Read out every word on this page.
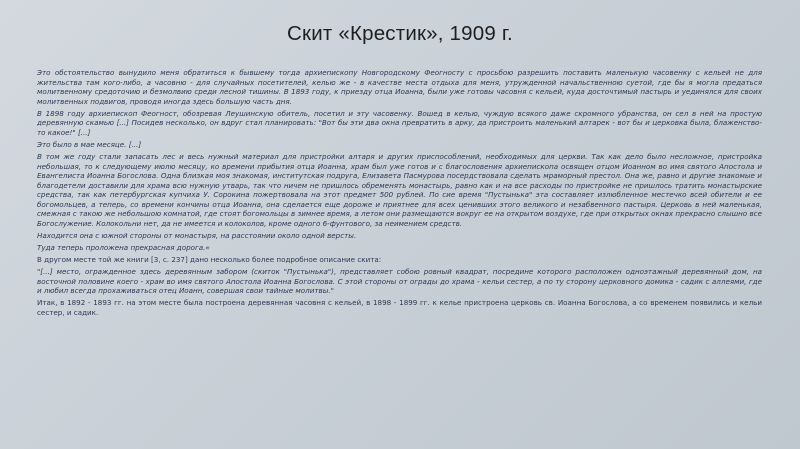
Скит «Крестик», 1909 г.

Это обстоятельство вынудило меня обратиться к бывшему тогда архиепископу Новгородскому Феогносту с просьбою разрешить поставить маленькую часовенку с кельей не для жительства там кого-либо, а часовню - для случайных посетителей, келью же - в качестве места отдыха для меня, утружденной начальственною суетой, где бы я могла предаться молитвенному средоточию и безмолвию среди лесной тишины. В 1893 году, к приезду отца Иоанна, были уже готовы часовня с кельей, куда досточтимый пастырь и уединялся для своих молитвенных подвигов, проводя иногда здесь большую часть дня.

В 1898 году архиепископ Феогност, обозревая Леушинскую обитель, посетил и эту часовенку. Вошед в келью, чуждую всякого даже скромного убранства, он сел в ней на простую деревянную скамью [...] Посидев несколько, он вдруг стал планировать: "Вот бы эти два окна превратить в арку, да пристроить маленький алтарек - вот бы и церковка была, блаженство-то какое!" [...]

Это было в мае месяце. [...]

В том же году стали запасать лес и весь нужный материал для пристройки алтаря и других приспособлений, необходимых для церкви. Так как дело было несложное, пристройка небольшая, то к следующему июлю месяцу, ко времени прибытия отца Иоанна, храм был уже готов и с благословения архиепископа освящен отцом Иоанном во имя святого Апостола и Евангелиста Иоанна Богослова. Одна близкая моя знакомая, институтская подруга, Елизавета Пасмурова посердствовала сделать мраморный престол. Она же, равно и другие знакомые и благодетели доставили для храма всю нужную утварь, так что ничем не пришлось обременять монастырь, равно как и на все расходы по пристройке не пришлось тратить монастырские средства, так как петербургская купчиха У. Сорокина пожертвовала на этот предмет 500 рублей. По сие время "Пустынька" эта составляет излюбленное местечко всей обители и ее богомольцев, а теперь, со времени кончины отца Иоанна, она сделается еще дороже и приятнее для всех ценивших этого великого и незабвенного пастыря. Церковь в ней маленькая, смежная с такою же небольшою комнатой, где стоят богомольцы в зимнее время, а летом они размещаются вокруг ее на открытом воздухе, где при открытых окнах прекрасно слышно все Богослужение. Колокольни нет, да не имеется и колоколов, кроме одного 6-фунтового, за неимением средств.

Находится она с южной стороны от монастыря, на расстоянии около одной версты.

Туда теперь проложена прекрасная дорога.«

В другом месте той же книги [3, с. 237] дано несколько более подробное описание скита:

"[...] место, огражденное здесь деревянным забором (скиток "Пустынька"), представляет собою ровный квадрат, посредине которого расположен одноэтажный деревянный дом, на восточной половине коего - храм во имя святого Апостола Иоанна Богослова. С этой стороны от ограды до храма - кельи сестер, а по ту сторону церковного домика - садик с аллеями, где и любил всегда прохаживаться отец Иоанн, совершая свои тайные молитвы."

Итак, в 1892 - 1893 гг. на этом месте была построена деревянная часовня с кельей, в 1898 - 1899 гг. к келье пристроена церковь св. Иоанна Богослова, а со временем появились и кельи сестер, и садик.
